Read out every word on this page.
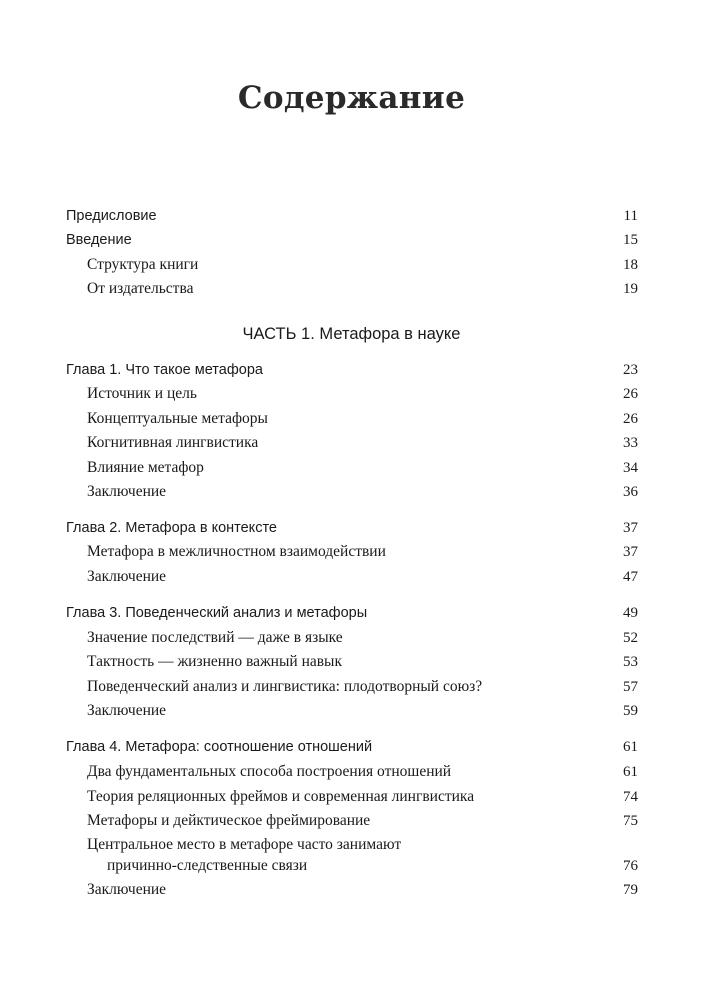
Содержание
Предисловие	11
Введение	15
Структура книги	18
От издательства	19
ЧАСТЬ 1. Метафора в науке
Глава 1. Что такое метафора	23
Источник и цель	26
Концептуальные метафоры	26
Когнитивная лингвистика	33
Влияние метафор	34
Заключение	36
Глава 2. Метафора в контексте	37
Метафора в межличностном взаимодействии	37
Заключение	47
Глава 3. Поведенческий анализ и метафоры	49
Значение последствий — даже в языке	52
Тактность — жизненно важный навык	53
Поведенческий анализ и лингвистика: плодотворный союз?	57
Заключение	59
Глава 4. Метафора: соотношение отношений	61
Два фундаментальных способа построения отношений	61
Теория реляционных фреймов и современная лингвистика	74
Метафоры и дейктическое фреймирование	75
Центральное место в метафоре часто занимают
причинно-следственные связи	76
Заключение	79
